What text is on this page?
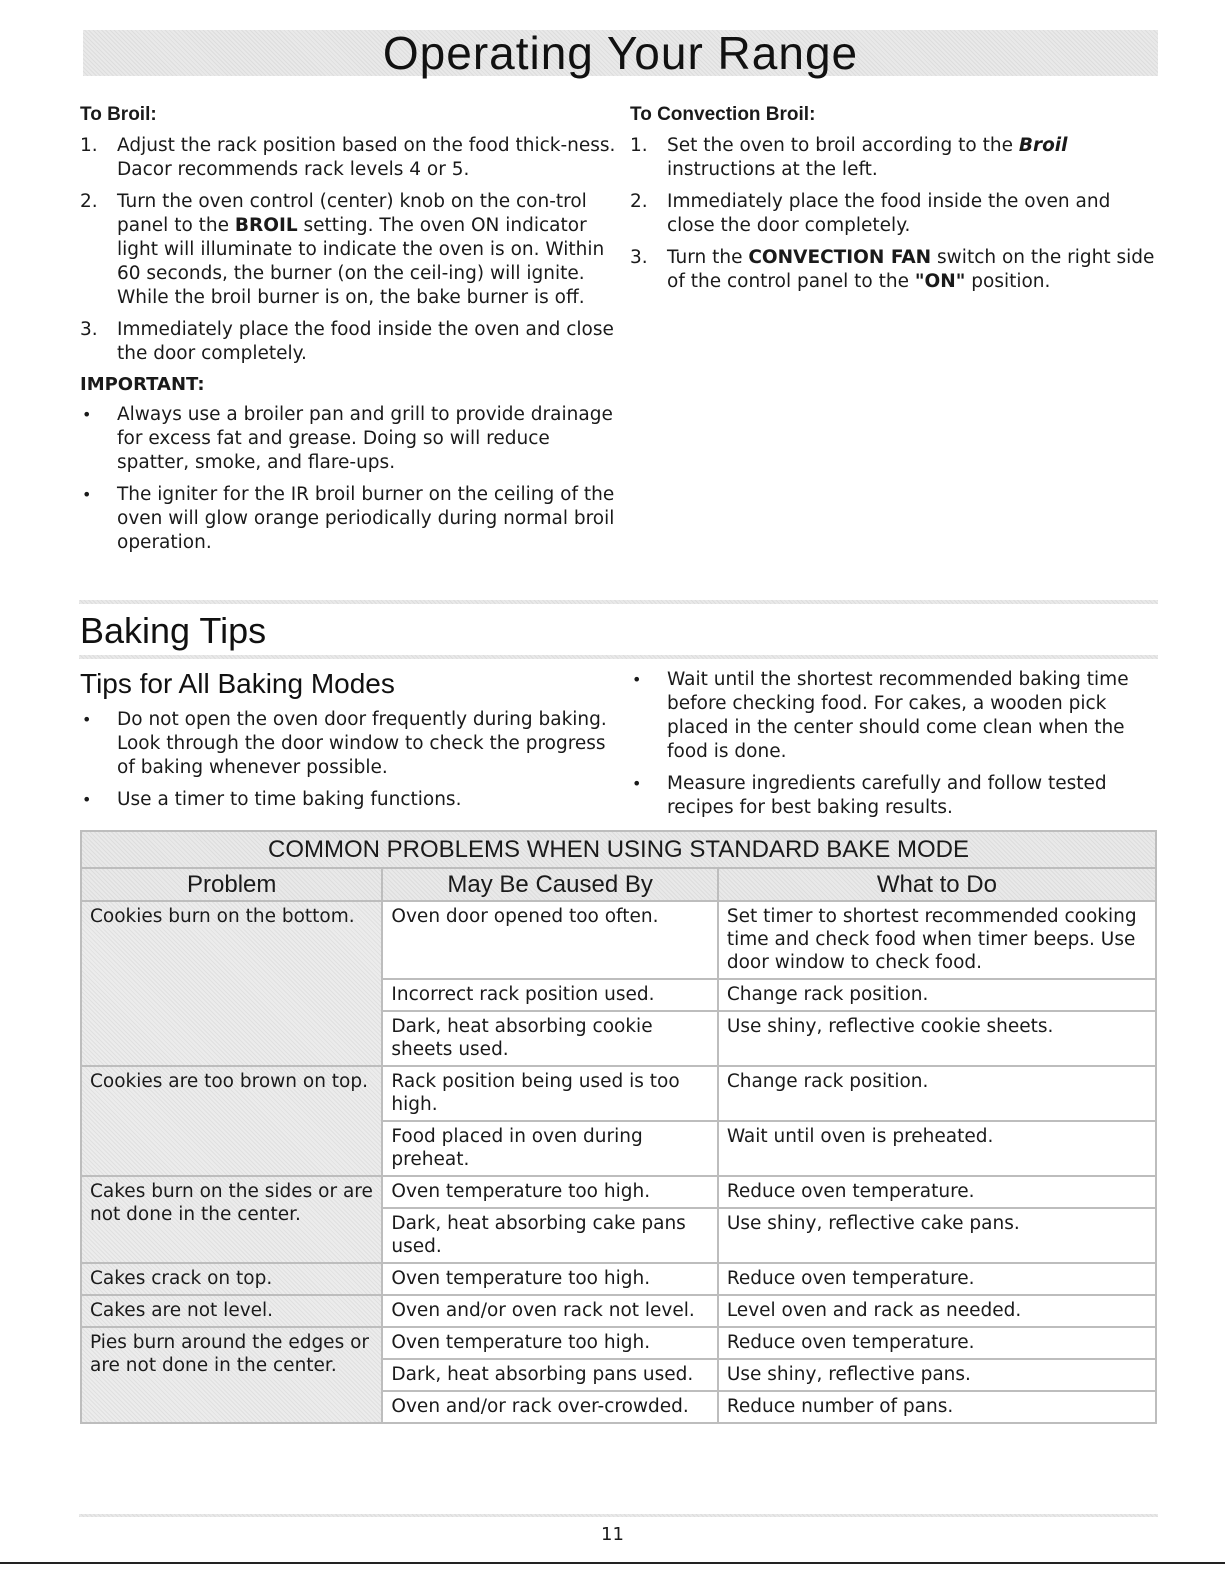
Operating Your Range
To Broil:
1. Adjust the rack position based on the food thick-ness. Dacor recommends rack levels 4 or 5.
2. Turn the oven control (center) knob on the con-trol panel to the BROIL setting. The oven ON indicator light will illuminate to indicate the oven is on. Within 60 seconds, the burner (on the ceil-ing) will ignite. While the broil burner is on, the bake burner is off.
3. Immediately place the food inside the oven and close the door completely.
IMPORTANT:
• Always use a broiler pan and grill to provide drainage for excess fat and grease. Doing so will reduce spatter, smoke, and flare-ups.
• The igniter for the IR broil burner on the ceiling of the oven will glow orange periodically during normal broil operation.
To Convection Broil:
1. Set the oven to broil according to the Broil instructions at the left.
2. Immediately place the food inside the oven and close the door completely.
3. Turn the CONVECTION FAN switch on the right side of the control panel to the "ON" position.
Baking Tips
Tips for All Baking Modes
• Do not open the oven door frequently during baking. Look through the door window to check the progress of baking whenever possible.
• Use a timer to time baking functions.
• Wait until the shortest recommended baking time before checking food. For cakes, a wooden pick placed in the center should come clean when the food is done.
• Measure ingredients carefully and follow tested recipes for best baking results.
COMMON PROBLEMS WHEN USING STANDARD BAKE MODE		
Problem	May Be Caused By	What to Do
Cookies burn on the bottom.	Oven door opened too often.	Set timer to shortest recommended cooking time and check food when timer beeps. Use door window to check food.
	Incorrect rack position used.	Change rack position.
	Dark, heat absorbing cookie sheets used.	Use shiny, reflective cookie sheets.
Cookies are too brown on top.	Rack position being used is too high.	Change rack position.
	Food placed in oven during preheat.	Wait until oven is preheated.
Cakes burn on the sides or are not done in the center.	Oven temperature too high.	Reduce oven temperature.
	Dark, heat absorbing cake pans used.	Use shiny, reflective cake pans.
Cakes crack on top.	Oven temperature too high.	Reduce oven temperature.
Cakes are not level.	Oven and/or oven rack not level.	Level oven and rack as needed.
Pies burn around the edges or are not done in the center.	Oven temperature too high.	Reduce oven temperature.
	Dark, heat absorbing pans used.	Use shiny, reflective pans.
	Oven and/or rack over-crowded.	Reduce number of pans.
11
